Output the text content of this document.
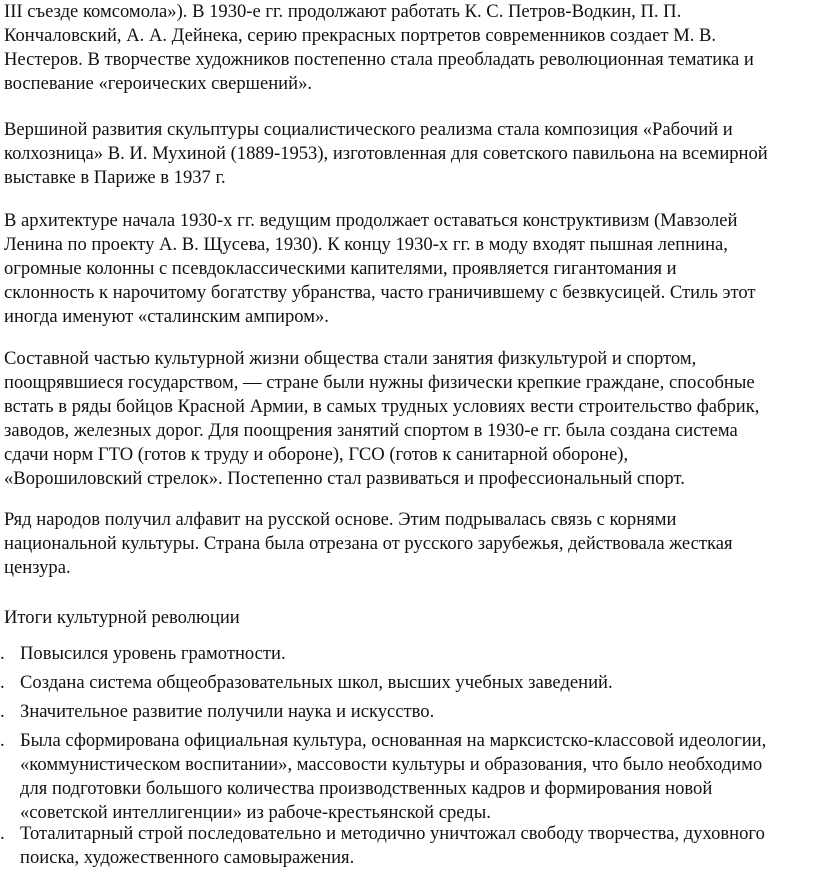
III съезде комсомола»). В 1930-е гг. продолжают работать К. С. Петров-Водкин, П. П.
Кончаловский, А. А. Дейнека, серию прекрасных портретов современников создает М. В.
Нестеров. В творчестве художников постепенно стала преобладать революционная тематика и
воспевание «героических свершений».

Вершиной развития скульптуры социалистического реализма стала композиция «Рабочий и
колхозница» В. И. Мухиной (1889-1953), изготовленная для советского павильона на всемирной
выставке в Париже в 1937 г.

В архитектуре начала 1930-х гг. ведущим продолжает оставаться конструктивизм (Мавзолей
Ленина по проекту А. В. Щусева, 1930). К концу 1930-х гг. в моду входят пышная лепнина,
огромные колонны с псевдоклассическими капителями, проявляется гигантомания и
склонность к нарочитому богатству убранства, часто граничившему с безвкусицей. Стиль этот
иногда именуют «сталинским ампиром».

Составной частью культурной жизни общества стали занятия физкультурой и спортом,
поощрявшиеся государством, — стране были нужны физически крепкие граждане, способные
встать в ряды бойцов Красной Армии, в самых трудных условиях вести строительство фабрик,
заводов, железных дорог. Для поощрения занятий спортом в 1930-е гг. была создана система
сдачи норм ГТО (готов к труду и обороне), ГСО (готов к санитарной обороне),
«Ворошиловский стрелок». Постепенно стал развиваться и профессиональный спорт.

Ряд народов получил алфавит на русской основе. Этим подрывалась связь с корнями
национальной культуры. Страна была отрезана от русского зарубежья, действовала жесткая
цензура.

Итоги культурной революции

. Повысился уровень грамотности.
. Создана система общеобразовательных школ, высших учебных заведений.
. Значительное развитие получили наука и искусство.
. Была сформирована официальная культура, основанная на марксистско-классовой идеологии,
«коммунистическом воспитании», массовости культуры и образования, что было необходимо
для подготовки большого количества производственных кадров и формирования новой
«советской интеллигенции» из рабоче-крестьянской среды.
. Тоталитарный строй последовательно и методично уничтожал свободу творчества, духовного
поиска, художественного самовыражения.
